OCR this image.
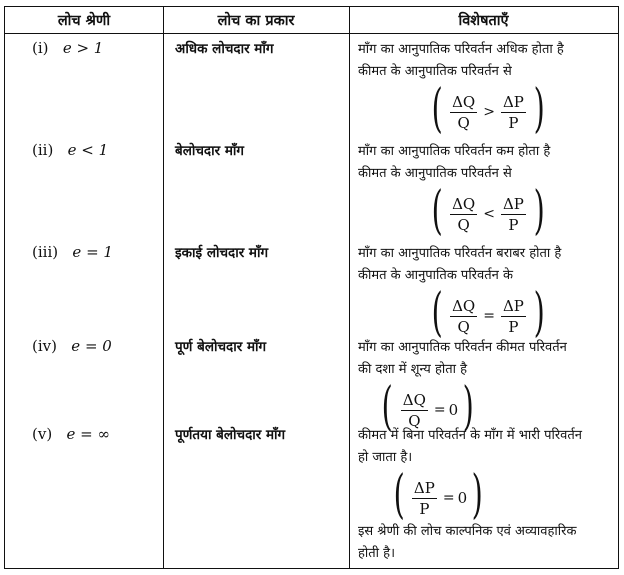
लोच श्रेणी	लोच का प्रकार	विशेषताएँ
(i) e > 1	अधिक लोचदार माँग	माँग का आनुपातिक परिवर्तन अधिक होता है
कीमत के आनुपातिक परिवर्तन से
( $\frac{\Delta Q}{Q} > \frac{\Delta P}{P}$ )
(ii) e < 1	बेलोचदार माँग	माँग का आनुपातिक परिवर्तन कम होता है
कीमत के आनुपातिक परिवर्तन से
( $\frac{\Delta Q}{Q} < \frac{\Delta P}{P}$ )
(iii) e = 1	इकाई लोचदार माँग	माँग का आनुपातिक परिवर्तन बराबर होता है
कीमत के आनुपातिक परिवर्तन के
( $\frac{\Delta Q}{Q} = \frac{\Delta P}{P}$ )
(iv) e = 0	पूर्ण बेलोचदार माँग	माँग का आनुपातिक परिवर्तन कीमत परिवर्तन
की दशा में शून्य होता है
( $\frac{\Delta Q}{Q} = 0$ )
(v) e = ∞	पूर्णतया बेलोचदार माँग	कीमत में बिना परिवर्तन के माँग में भारी परिवर्तन
हो जाता है।
( $\frac{\Delta P}{P} = 0$ )
इस श्रेणी की लोच काल्पनिक एवं अव्यावहारिक
होती है।
